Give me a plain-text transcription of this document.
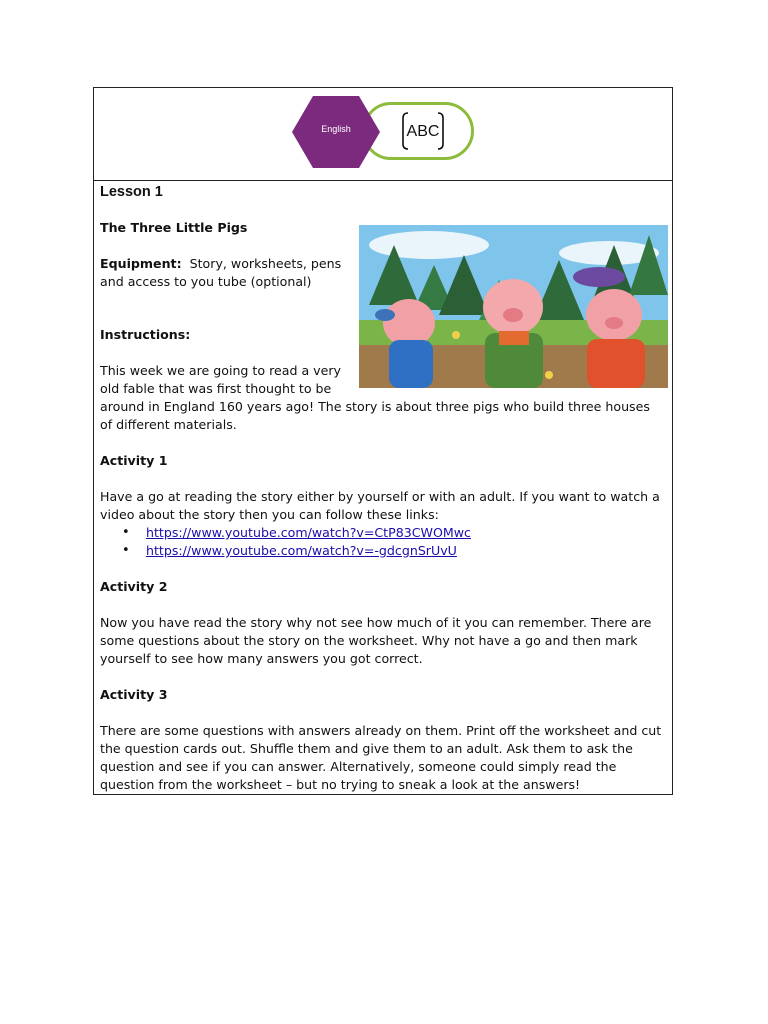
ABC
English
Lesson 1

The Three Little Pigs

Equipment: Story, worksheets, pens and access to you tube (optional)

Instructions:

This week we are going to read a very old fable that was first thought to be around in England 160 years ago! The story is about three pigs who build three houses of different materials.

Activity 1

Have a go at reading the story either by yourself or with an adult. If you want to watch a video about the story then you can follow these links:

• https://www.youtube.com/watch?v=CtP83CWOMwc
• https://www.youtube.com/watch?v=-gdcgnSrUvU

Activity 2

Now you have read the story why not see how much of it you can remember. There are some questions about the story on the worksheet. Why not have a go and then mark yourself to see how many answers you got correct.

Activity 3

There are some questions with answers already on them. Print off the worksheet and cut the question cards out. Shuffle them and give them to an adult. Ask them to ask the question and see if you can answer. Alternatively, someone could simply read the question from the worksheet – but no trying to sneak a look at the answers!
